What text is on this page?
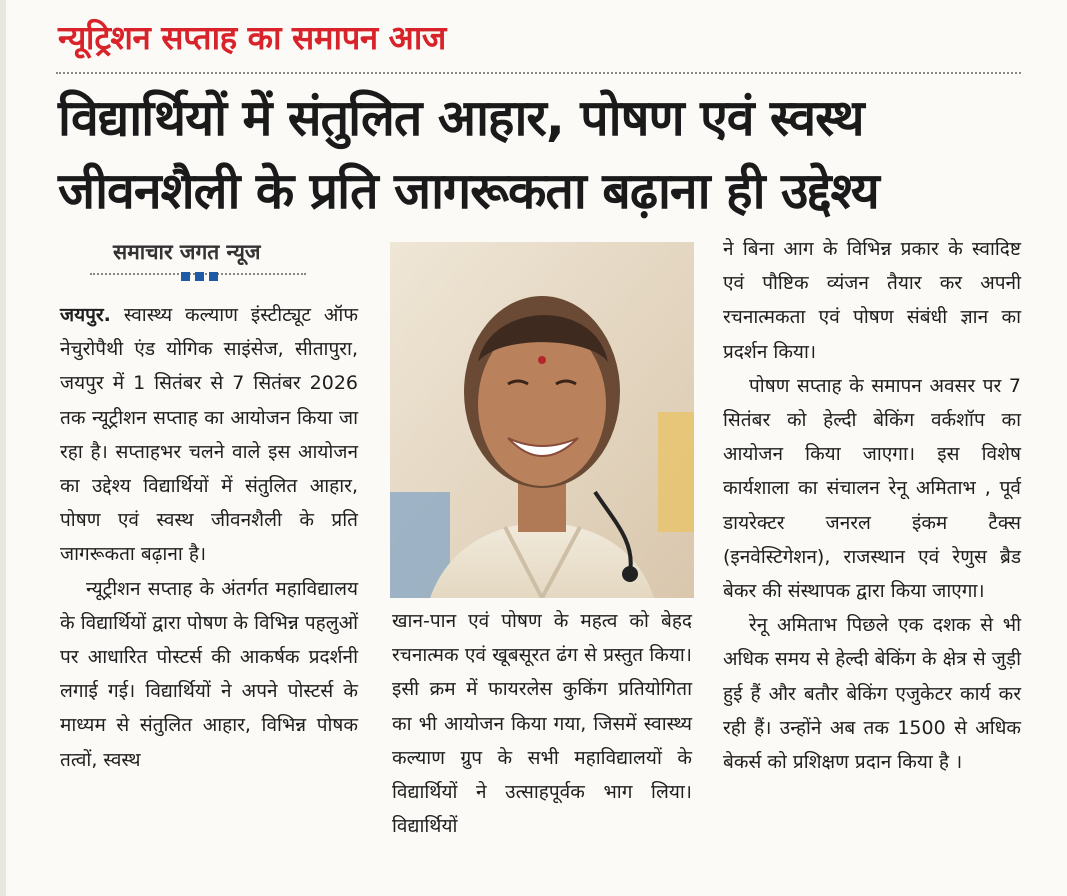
न्यूट्रिशन सप्ताह का समापन आज
विद्यार्थियों में संतुलित आहार, पोषण एवं स्वस्थ
जीवनशैली के प्रति जागरूकता बढ़ाना ही उद्देश्य
समाचार जगत न्यूज

जयपुर. स्वास्थ्य कल्याण इंस्टीट्यूट ऑफ नेचुरोपैथी एंड योगिक साइंसेज, सीतापुरा, जयपुर में 1 सितंबर से 7 सितंबर 2026 तक न्यूट्रीशन सप्ताह का आयोजन किया जा रहा है। सप्ताहभर चलने वाले इस आयोजन का उद्देश्य विद्यार्थियों में संतुलित आहार, पोषण एवं स्वस्थ जीवनशैली के प्रति जागरूकता बढ़ाना है।

न्यूट्रीशन सप्ताह के अंतर्गत महाविद्यालय के विद्यार्थियों द्वारा पोषण के विभिन्न पहलुओं पर आधारित पोस्टर्स की आकर्षक प्रदर्शनी लगाई गई। विद्यार्थियों ने अपने पोस्टर्स के माध्यम से संतुलित आहार, विभिन्न पोषक तत्वों, स्वस्थ

खान-पान एवं पोषण के महत्व को बेहद रचनात्मक एवं खूबसूरत ढंग से प्रस्तुत किया। इसी क्रम में फायरलेस कुकिंग प्रतियोगिता का भी आयोजन किया गया, जिसमें स्वास्थ्य कल्याण ग्रुप के सभी महाविद्यालयों के विद्यार्थियों ने उत्साहपूर्वक भाग लिया। विद्यार्थियों

ने बिना आग के विभिन्न प्रकार के स्वादिष्ट एवं पौष्टिक व्यंजन तैयार कर अपनी रचनात्मकता एवं पोषण संबंधी ज्ञान का प्रदर्शन किया।

पोषण सप्ताह के समापन अवसर पर 7 सितंबर को हेल्दी बेकिंग वर्कशॉप का आयोजन किया जाएगा। इस विशेष कार्यशाला का संचालन रेनू अमिताभ , पूर्व डायरेक्टर जनरल इंकम टैक्स (इनवेस्टिगेशन), राजस्थान एवं रेणुस ब्रैड बेकर की संस्थापक द्वारा किया जाएगा।

रेनू अमिताभ पिछले एक दशक से भी अधिक समय से हेल्दी बेकिंग के क्षेत्र से जुड़ी हुई हैं और बतौर बेकिंग एजुकेटर कार्य कर रही हैं। उन्होंने अब तक 1500 से अधिक बेकर्स को प्रशिक्षण प्रदान किया है ।
